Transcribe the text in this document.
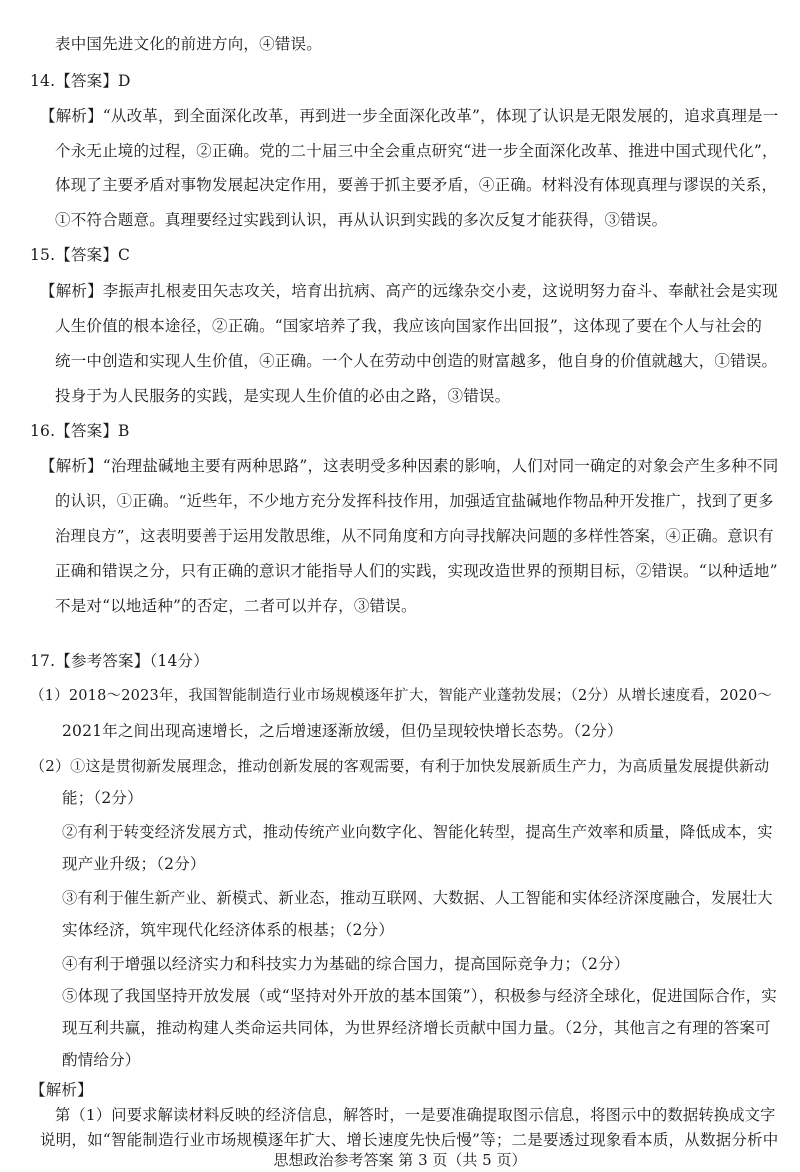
表中国先进文化的前进方向，④错误。
14.【答案】D
【解析】“从改革，到全面深化改革，再到进一步全面深化改革”，体现了认识是无限发展的，追求真理是一
个永无止境的过程，②正确。党的二十届三中全会重点研究“进一步全面深化改革、推进中国式现代化”，
体现了主要矛盾对事物发展起决定作用，要善于抓主要矛盾，④正确。材料没有体现真理与谬误的关系，
①不符合题意。真理要经过实践到认识，再从认识到实践的多次反复才能获得，③错误。
15.【答案】C
【解析】李振声扎根麦田矢志攻关，培育出抗病、高产的远缘杂交小麦，这说明努力奋斗、奉献社会是实现
人生价值的根本途径，②正确。“国家培养了我，我应该向国家作出回报”，这体现了要在个人与社会的
统一中创造和实现人生价值，④正确。一个人在劳动中创造的财富越多，他自身的价值就越大，①错误。
投身于为人民服务的实践，是实现人生价值的必由之路，③错误。
16.【答案】B
【解析】“治理盐碱地主要有两种思路”，这表明受多种因素的影响，人们对同一确定的对象会产生多种不同
的认识，①正确。“近些年，不少地方充分发挥科技作用，加强适宜盐碱地作物品种开发推广，找到了更多
治理良方”，这表明要善于运用发散思维，从不同角度和方向寻找解决问题的多样性答案，④正确。意识有
正确和错误之分，只有正确的意识才能指导人们的实践，实现改造世界的预期目标，②错误。“以种适地”
不是对“以地适种”的否定，二者可以并存，③错误。
17.【参考答案】（14分）
（1）2018～2023年，我国智能制造行业市场规模逐年扩大，智能产业蓬勃发展；（2分）从增长速度看，2020～
2021年之间出现高速增长，之后增速逐渐放缓，但仍呈现较快增长态势。（2分）
（2）①这是贯彻新发展理念，推动创新发展的客观需要，有利于加快发展新质生产力，为高质量发展提供新动
能；（2分）
②有利于转变经济发展方式，推动传统产业向数字化、智能化转型，提高生产效率和质量，降低成本，实
现产业升级；（2分）
③有利于催生新产业、新模式、新业态，推动互联网、大数据、人工智能和实体经济深度融合，发展壮大
实体经济，筑牢现代化经济体系的根基；（2分）
④有利于增强以经济实力和科技实力为基础的综合国力，提高国际竞争力；（2分）
⑤体现了我国坚持开放发展（或“坚持对外开放的基本国策”），积极参与经济全球化，促进国际合作，实
现互利共赢，推动构建人类命运共同体，为世界经济增长贡献中国力量。（2分，其他言之有理的答案可
酌情给分）
【解析】
第（1）问要求解读材料反映的经济信息，解答时，一是要准确提取图示信息，将图示中的数据转换成文字
说明，如“智能制造行业市场规模逐年扩大、增长速度先快后慢”等；二是要透过现象看本质，从数据分析中
思想政治参考答案 第 3 页（共 5 页）
